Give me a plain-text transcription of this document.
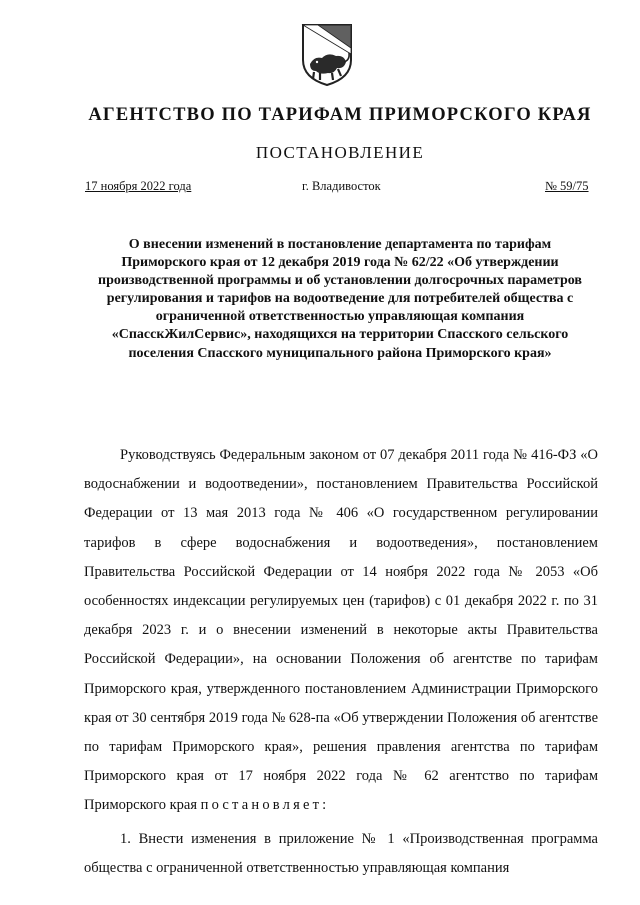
АГЕНТСТВО ПО ТАРИФАМ ПРИМОРСКОГО КРАЯ
ПОСТАНОВЛЕНИЕ
17 ноября 2022 года	г. Владивосток	№ 59/75
О внесении изменений в постановление департамента по тарифам Приморского края от 12 декабря 2019 года № 62/22 «Об утверждении производственной программы и об установлении долгосрочных параметров регулирования и тарифов на водоотведение для потребителей общества с ограниченной ответственностью управляющая компания «СпасскЖилСервис», находящихся на территории Спасского сельского поселения Спасского муниципального района Приморского края»

Руководствуясь Федеральным законом от 07 декабря 2011 года № 416-ФЗ «О водоснабжении и водоотведении», постановлением Правительства Российской Федерации от 13 мая 2013 года № 406 «О государственном регулировании тарифов в сфере водоснабжения и водоотведения», постановлением Правительства Российской Федерации от 14 ноября 2022 года № 2053 «Об особенностях индексации регулируемых цен (тарифов) с 01 декабря 2022 г. по 31 декабря 2023 г. и о внесении изменений в некоторые акты Правительства Российской Федерации», на основании Положения об агентстве по тарифам Приморского края, утвержденного постановлением Администрации Приморского края от 30 сентября 2019 года № 628-па «Об утверждении Положения об агентстве по тарифам Приморского края», решения правления агентства по тарифам Приморского края от 17 ноября 2022 года № 62 агентство по тарифам Приморского края постановляет:

1. Внести изменения в приложение № 1 «Производственная программа общества с ограниченной ответственностью управляющая компания
